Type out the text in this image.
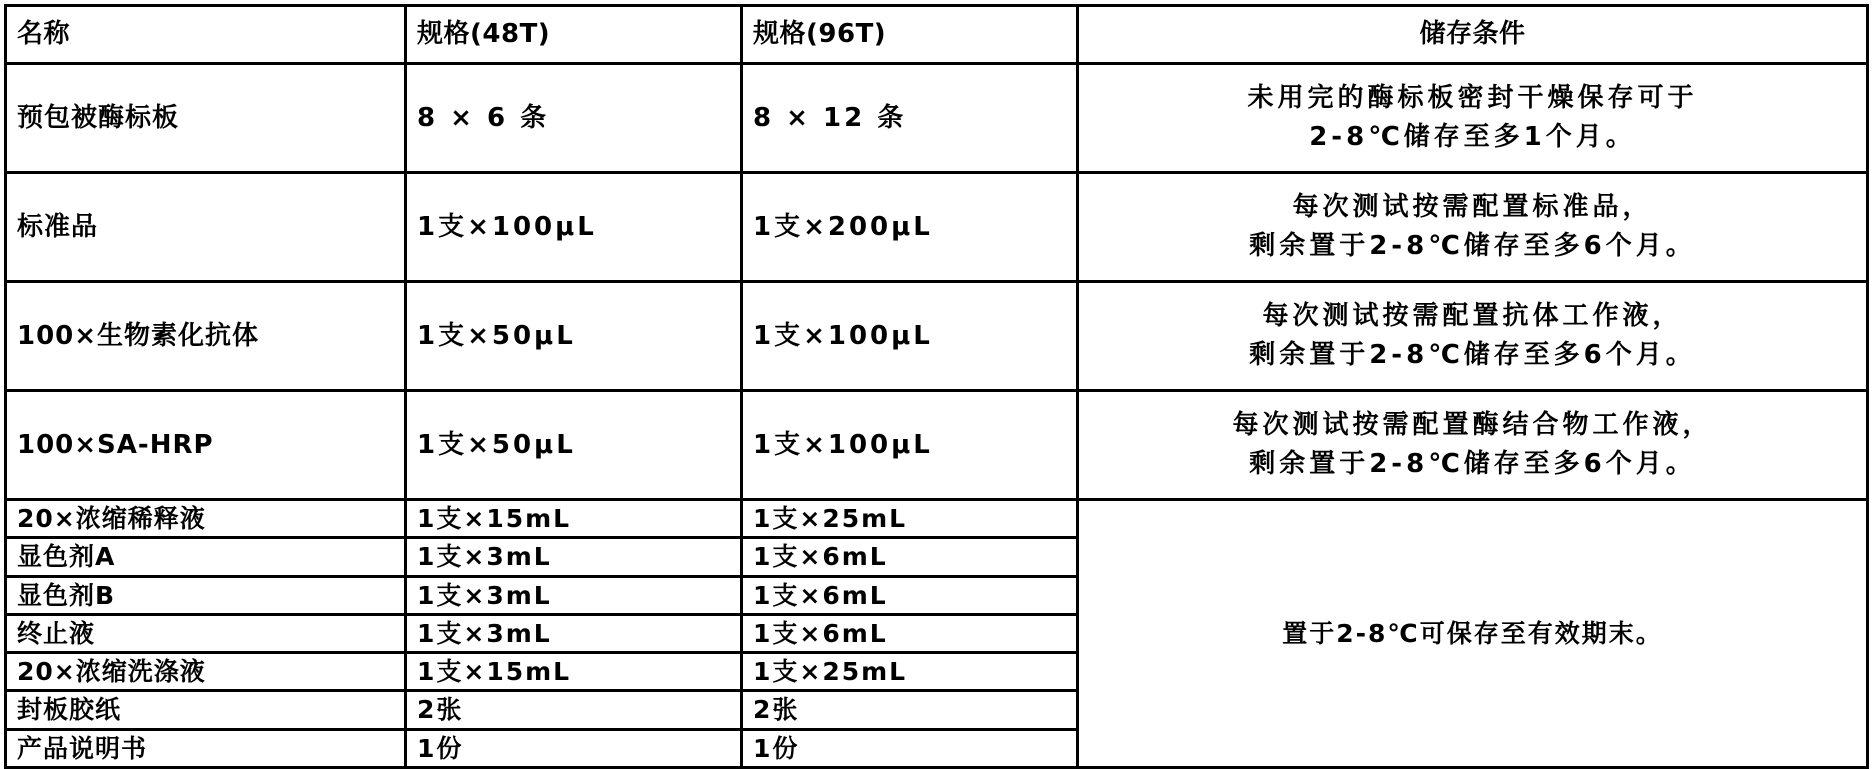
名称	规格(48T)	规格(96T)	储存条件

预包被酶标板	8 × 6 条	8 × 12 条	未用完的酶标板密封干燥保存可于
2-8℃储存至多1个月。

标准品	1支×100μL	1支×200μL	每次测试按需配置标准品，
剩余置于2-8℃储存至多6个月。

100×生物素化抗体	1支×50μL	1支×100μL	每次测试按需配置抗体工作液，
剩余置于2-8℃储存至多6个月。

100×SA-HRP	1支×50μL	1支×100μL	每次测试按需配置酶结合物工作液，
剩余置于2-8℃储存至多6个月。

20×浓缩稀释液	1支×15mL	1支×25mL	置于2-8℃可保存至有效期末。

显色剂A	1支×3mL	1支×6mL	

显色剂B	1支×3mL	1支×6mL	

终止液	1支×3mL	1支×6mL	

20×浓缩洗涤液	1支×15mL	1支×25mL	

封板胶纸	2张	2张	

产品说明书	1份	1份	
